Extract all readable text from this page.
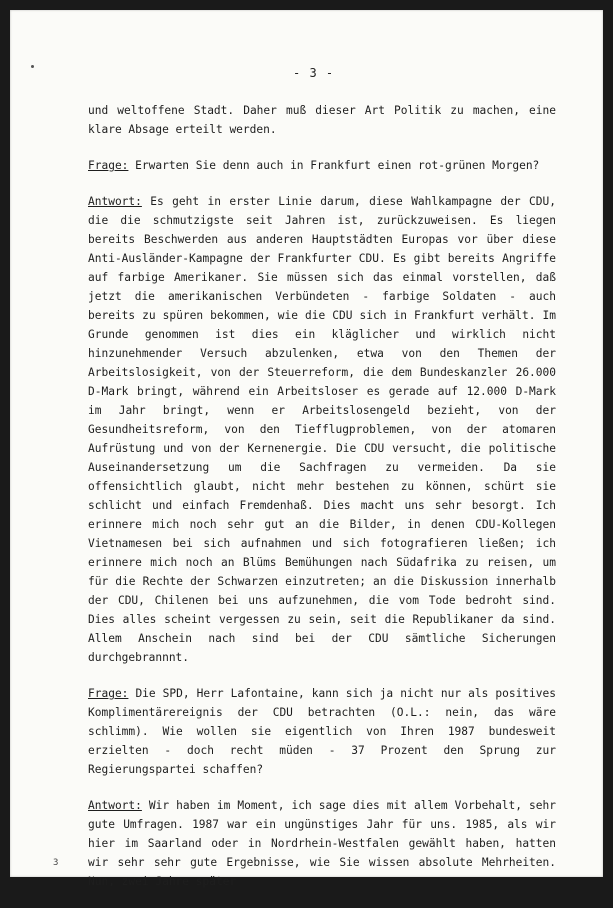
- 3 -

und weltoffene Stadt. Daher muß dieser Art Politik zu machen, eine klare Absage erteilt werden.

Frage: Erwarten Sie denn auch in Frankfurt einen rot-grünen Morgen?

Antwort: Es geht in erster Linie darum, diese Wahlkampagne der CDU, die die schmutzigste seit Jahren ist, zurückzuweisen. Es liegen bereits Beschwerden aus anderen Hauptstädten Europas vor über diese Anti-Ausländer-Kampagne der Frankfurter CDU. Es gibt bereits Angriffe auf farbige Amerikaner. Sie müssen sich das einmal vorstellen, daß jetzt die amerikanischen Verbündeten - farbige Soldaten - auch bereits zu spüren bekommen, wie die CDU sich in Frankfurt verhält. Im Grunde genommen ist dies ein kläglicher und wirklich nicht hinzunehmender Versuch abzulenken, etwa von den Themen der Arbeitslosigkeit, von der Steuerreform, die dem Bundeskanzler 26.000 D-Mark bringt, während ein Arbeitsloser es gerade auf 12.000 D-Mark im Jahr bringt, wenn er Arbeitslosengeld bezieht, von der Gesundheitsreform, von den Tiefflugproblemen, von der atomaren Aufrüstung und von der Kernenergie. Die CDU versucht, die politische Auseinandersetzung um die Sachfragen zu vermeiden. Da sie offensichtlich glaubt, nicht mehr bestehen zu können, schürt sie schlicht und einfach Fremdenhaß. Dies macht uns sehr besorgt. Ich erinnere mich noch sehr gut an die Bilder, in denen CDU-Kollegen Vietnamesen bei sich aufnahmen und sich fotografieren ließen; ich erinnere mich noch an Blüms Bemühungen nach Südafrika zu reisen, um für die Rechte der Schwarzen einzutreten; an die Diskussion innerhalb der CDU, Chilenen bei uns aufzunehmen, die vom Tode bedroht sind. Dies alles scheint vergessen zu sein, seit die Republikaner da sind. Allem Anschein nach sind bei der CDU sämtliche Sicherungen durchgebrannnt.

Frage: Die SPD, Herr Lafontaine, kann sich ja nicht nur als positives Komplimentärereignis der CDU betrachten (O.L.: nein, das wäre schlimm). Wie wollen sie eigentlich von Ihren 1987 bundesweit erzielten - doch recht müden - 37 Prozent den Sprung zur Regierungspartei schaffen?

Antwort: Wir haben im Moment, ich sage dies mit allem Vorbehalt, sehr gute Umfragen. 1987 war ein ungünstiges Jahr für uns. 1985, als wir hier im Saarland oder in Nordrhein-Westfalen gewählt haben, hatten wir sehr sehr gute Ergebnisse, wie Sie wissen absolute Mehrheiten. Nun, zwei Jahre später

3
